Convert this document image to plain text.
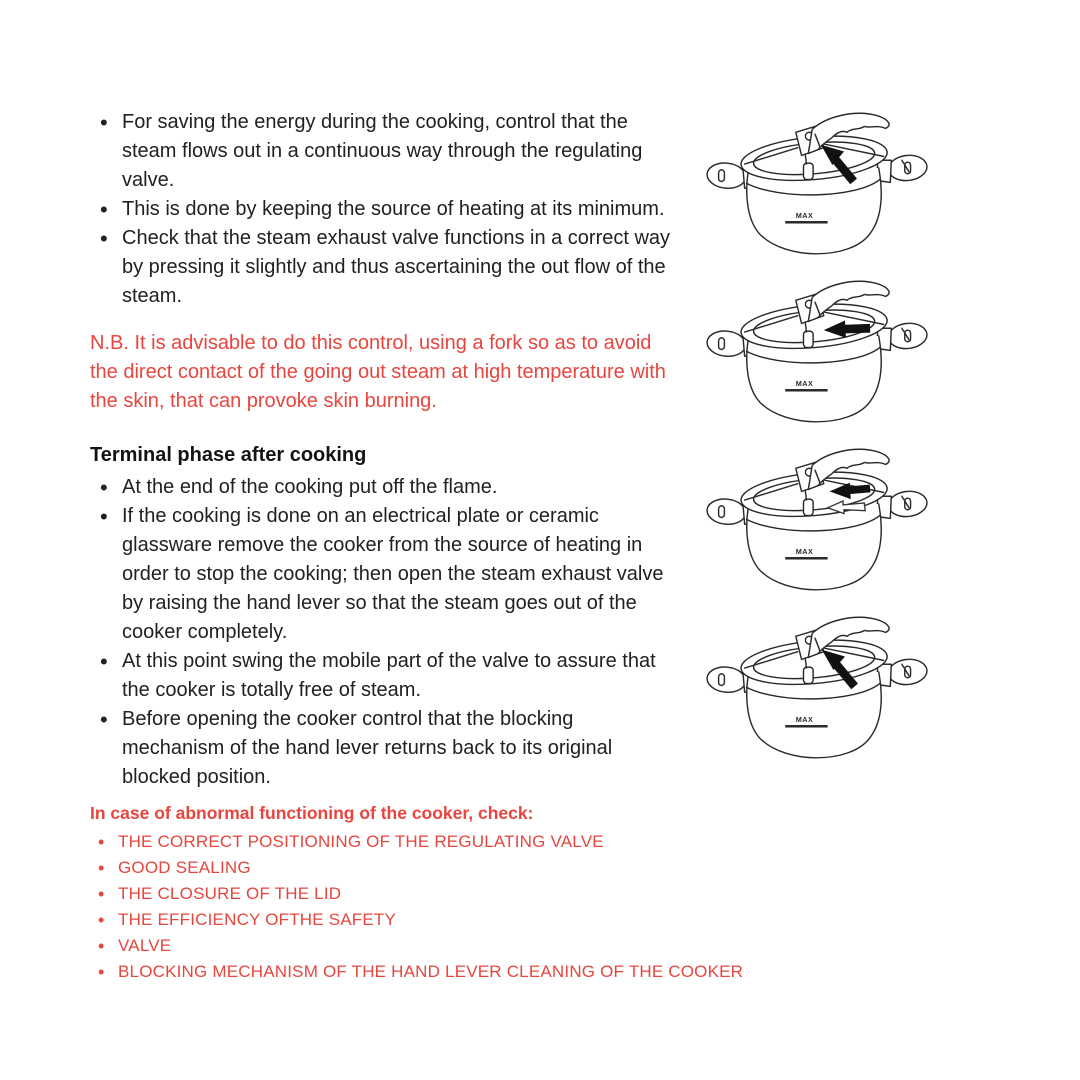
• For saving the energy during the cooking, control that the steam flows out in a continuous way through the regulating valve.
• This is done by keeping the source of heating at its minimum.
• Check that the steam exhaust valve functions in a correct way by pressing it slightly and thus ascertaining the out flow of the steam.

N.B. It is advisable to do this control, using a fork so as to avoid the direct contact of the going out steam at high temperature with the skin, that can provoke skin burning.

Terminal phase after cooking
• At the end of the cooking put off the flame.
• If the cooking is done on an electrical plate or ceramic glassware remove the cooker from the source of heating in order to stop the cooking; then open the steam exhaust valve by raising the hand lever so that the steam goes out of the cooker completely.
• At this point swing the mobile part of the valve to assure that the cooker is totally free of steam.
• Before opening the cooker control that the blocking mechanism of the hand lever returns back to its original blocked position.
In case of abnormal functioning of the cooker, check:
• THE CORRECT POSITIONING OF THE REGULATING VALVE
• GOOD SEALING
• THE CLOSURE OF THE LID
• THE EFFICIENCY OFTHE SAFETY
• VALVE
• BLOCKING MECHANISM OF THE HAND LEVER CLEANING OF THE COOKER
MAX
MAX
MAX
MAX
